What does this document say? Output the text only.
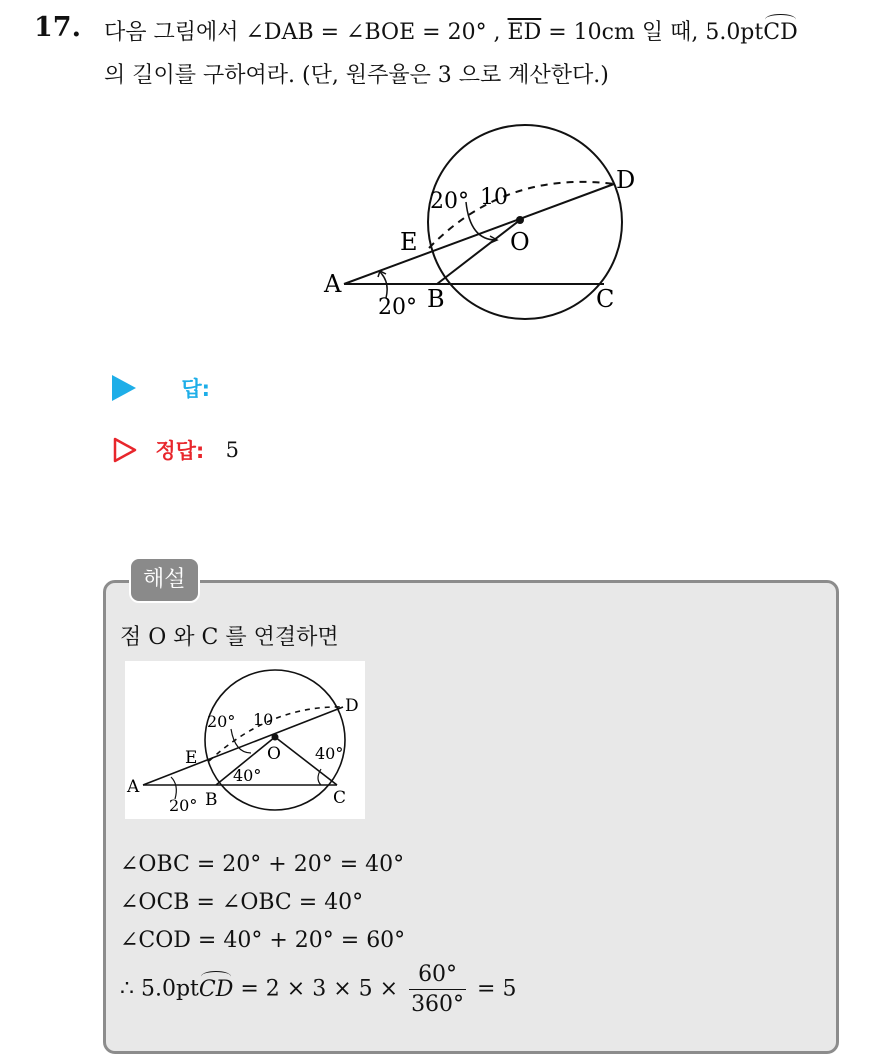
17. 다음 그림에서 ∠DAB = ∠BOE = 20° , $\overline{ED} = 10cm$ 일 때, 5.0ptCD
의 길이를 구하여라. (단, 원주율은 3 으로 계산한다.)
A
B	C
D
E	O
20°
20°
10
답:
정답: 5
해설
점 O 와 C 를 연결하면
A
B	C
D
E	O
20°
20°
10
40°
40°
∠OBC = 20° + 20° = 40°
∠OCB = ∠OBC = 40°
∠COD = 40° + 20° = 60°
∴ 5.0ptCD = $2 \times 3 \times 5 \times \frac{60^\circ}{360^\circ} = 5$
